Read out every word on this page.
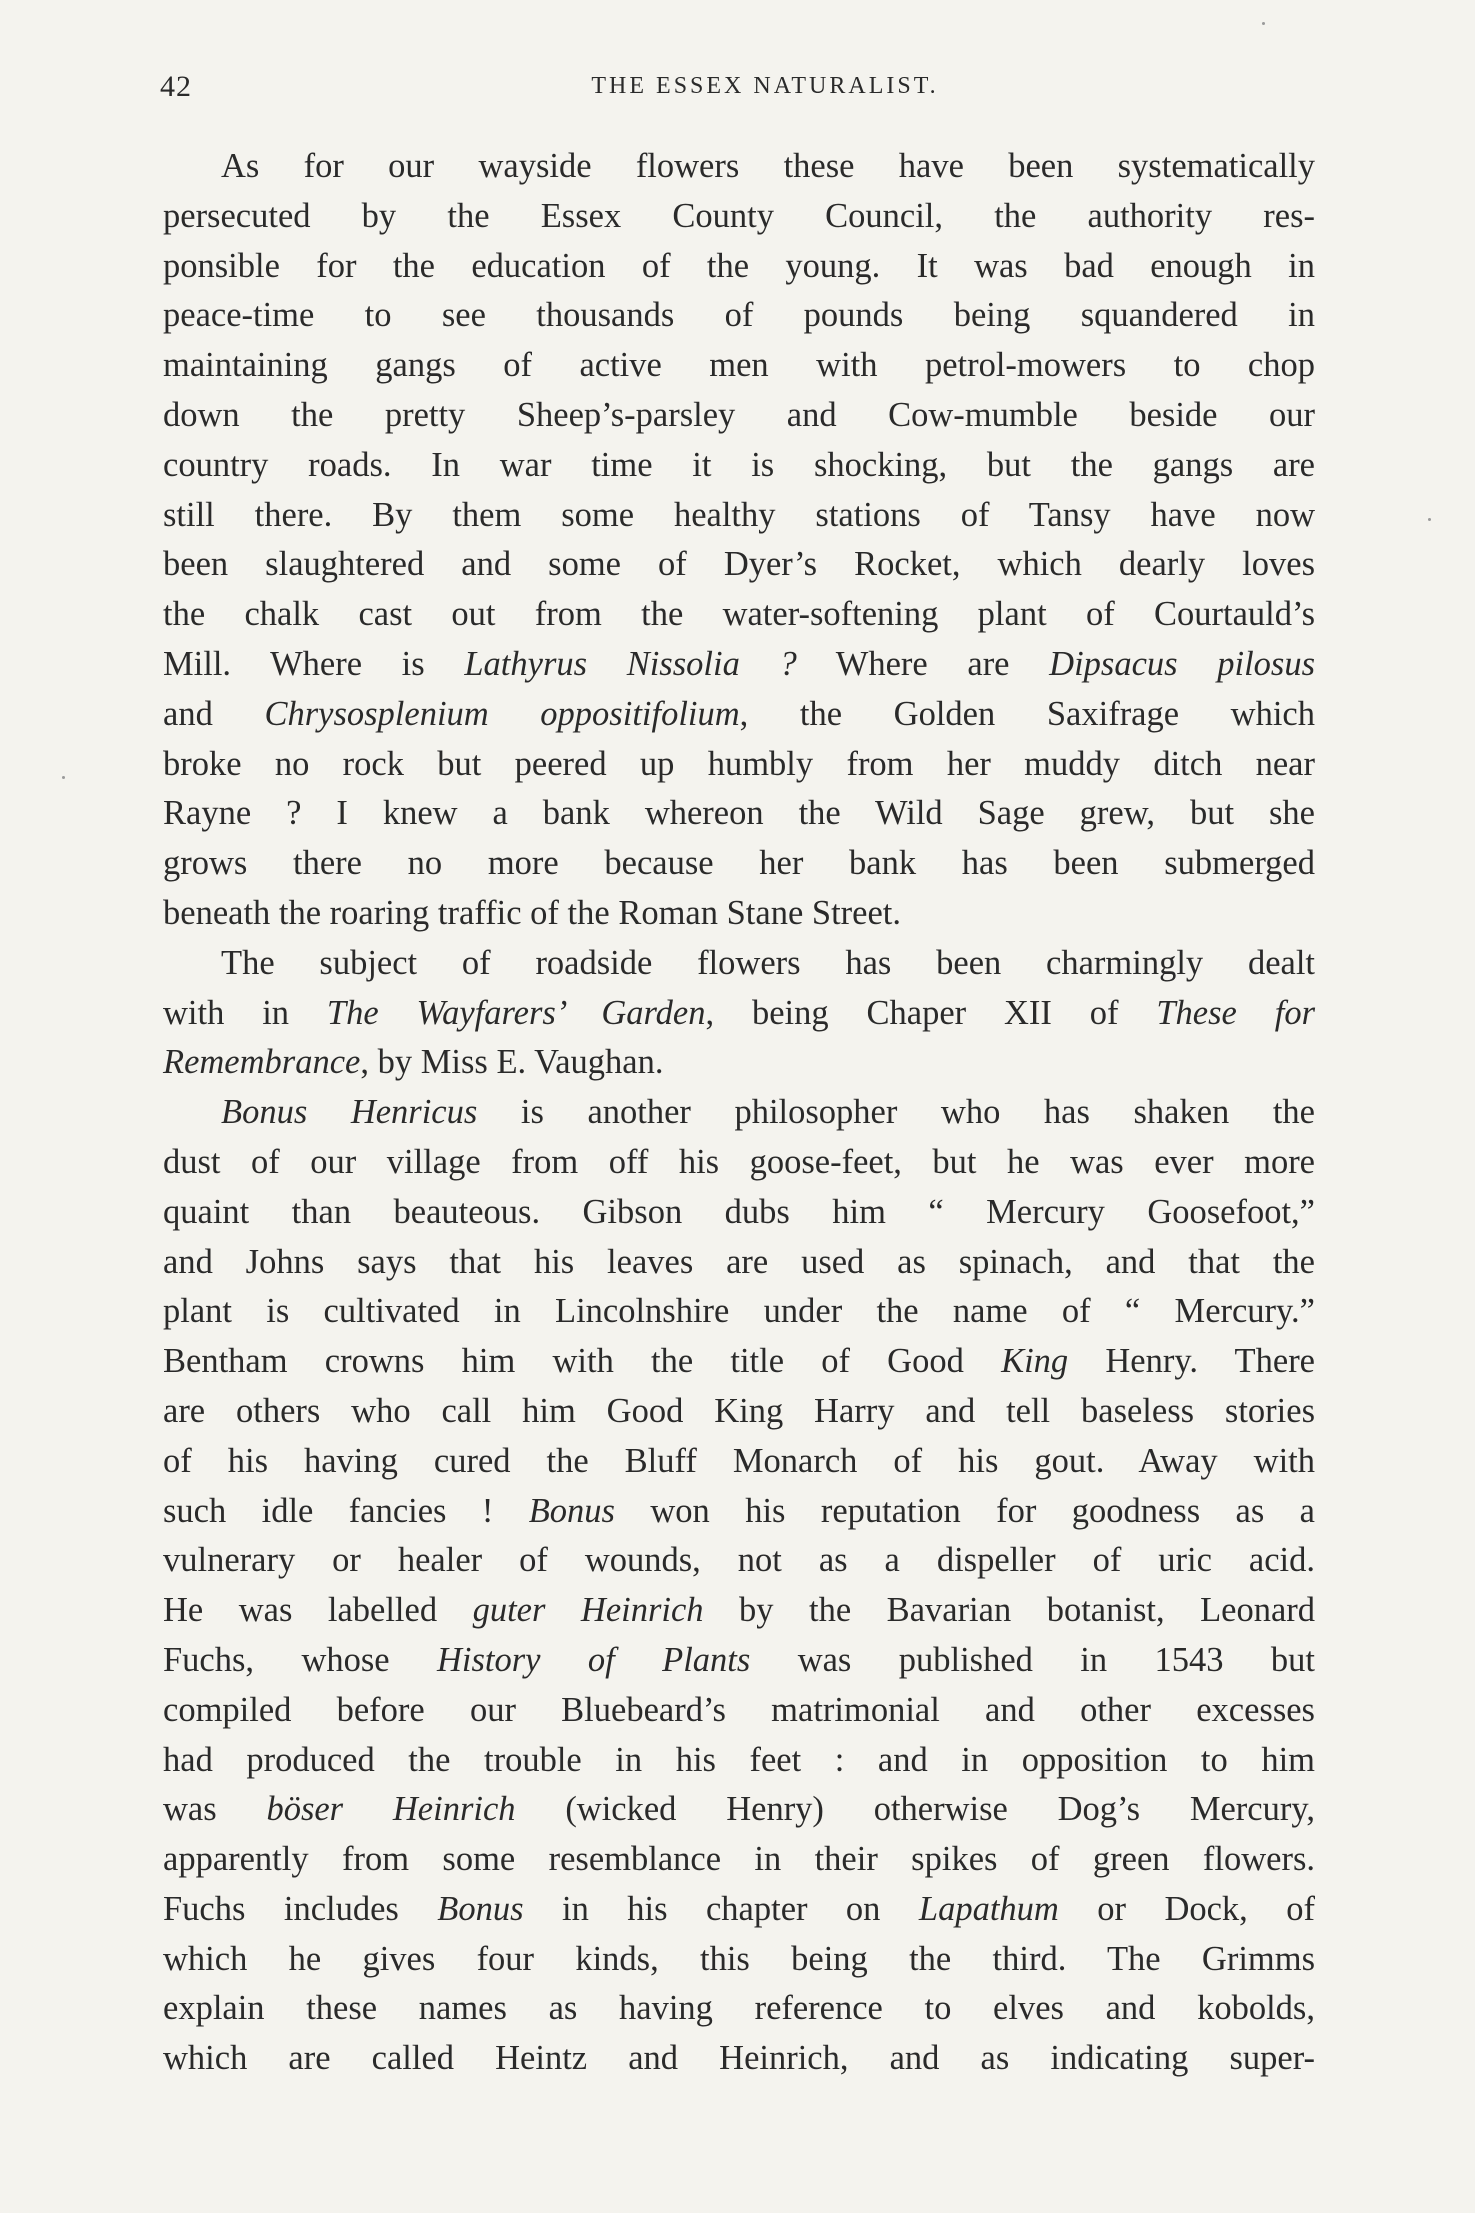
42	THE ESSEX NATURALIST.
As for our wayside flowers these have been systematically
persecuted by the Essex County Council, the authority res-
ponsible for the education of the young. It was bad enough in
peace-time to see thousands of pounds being squandered in
maintaining gangs of active men with petrol-mowers to chop
down the pretty Sheep’s-parsley and Cow-mumble beside our
country roads. In war time it is shocking, but the gangs are
still there. By them some healthy stations of Tansy have now
been slaughtered and some of Dyer’s Rocket, which dearly loves
the chalk cast out from the water-softening plant of Courtauld’s
Mill. Where is Lathyrus Nissolia ? Where are Dipsacus pilosus
and Chrysosplenium oppositifolium, the Golden Saxifrage which
broke no rock but peered up humbly from her muddy ditch near
Rayne ? I knew a bank whereon the Wild Sage grew, but she
grows there no more because her bank has been submerged
beneath the roaring traffic of the Roman Stane Street.
The subject of roadside flowers has been charmingly dealt
with in The Wayfarers’ Garden, being Chaper XII of These for
Remembrance, by Miss E. Vaughan.
Bonus Henricus is another philosopher who has shaken the
dust of our village from off his goose-feet, but he was ever more
quaint than beauteous. Gibson dubs him “ Mercury Goosefoot,”
and Johns says that his leaves are used as spinach, and that the
plant is cultivated in Lincolnshire under the name of “ Mercury.”
Bentham crowns him with the title of Good King Henry. There
are others who call him Good King Harry and tell baseless stories
of his having cured the Bluff Monarch of his gout. Away with
such idle fancies ! Bonus won his reputation for goodness as a
vulnerary or healer of wounds, not as a dispeller of uric acid.
He was labelled guter Heinrich by the Bavarian botanist, Leonard
Fuchs, whose History of Plants was published in 1543 but
compiled before our Bluebeard’s matrimonial and other excesses
had produced the trouble in his feet : and in opposition to him
was böser Heinrich (wicked Henry) otherwise Dog’s Mercury,
apparently from some resemblance in their spikes of green flowers.
Fuchs includes Bonus in his chapter on Lapathum or Dock, of
which he gives four kinds, this being the third. The Grimms
explain these names as having reference to elves and kobolds,
which are called Heintz and Heinrich, and as indicating super-
